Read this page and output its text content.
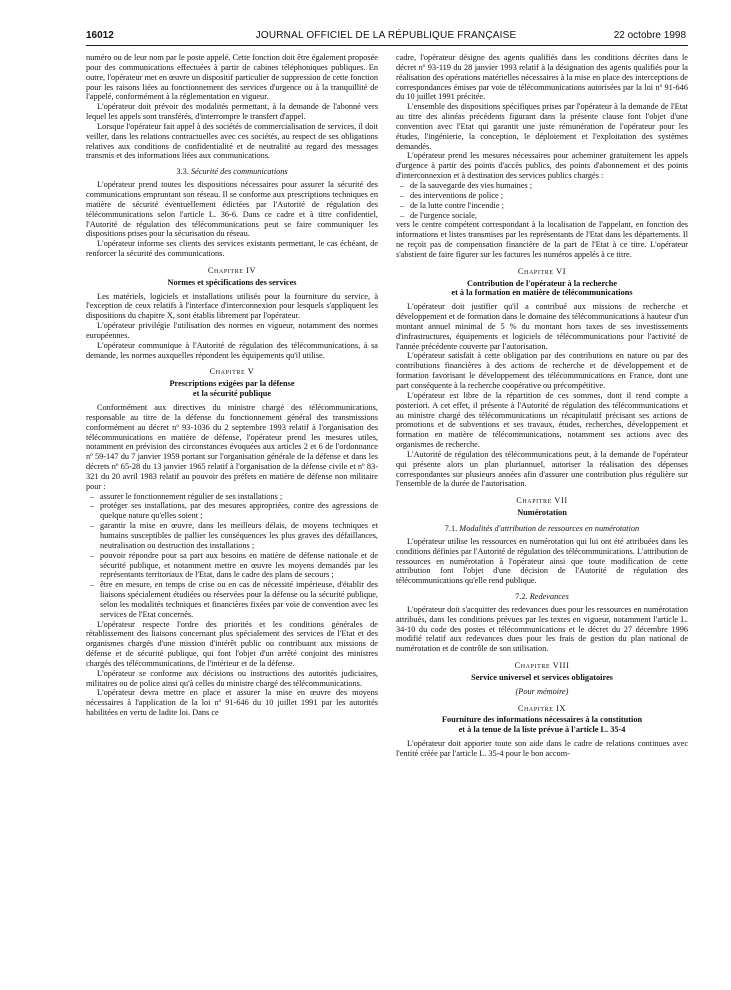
16012	JOURNAL OFFICIEL DE LA RÉPUBLIQUE FRANÇAISE	22 octobre 1998

numéro ou de leur nom par le poste appelé. Cette fonction doit être également proposée pour des communications effectuées à partir de cabines téléphoniques publiques. En outre, l'opérateur met en œuvre un dispositif particulier de suppression de cette fonction pour les raisons liées au fonctionnement des services d'urgence ou à la tranquillité de l'appelé, conformément à la réglementation en vigueur.

L'opérateur doit prévoir des modalités permettant, à la demande de l'abonné vers lequel les appels sont transférés, d'interrompre le transfert d'appel.

Lorsque l'opérateur fait appel à des sociétés de commercialisation de services, il doit veiller, dans les relations contractuelles avec ces sociétés, au respect de ses obligations relatives aux conditions de confidentialité et de neutralité au regard des messages transmis et des informations liées aux communications.

3.3. Sécurité des communications

L'opérateur prend toutes les dispositions nécessaires pour assurer la sécurité des communications empruntant son réseau. Il se conforme aux prescriptions techniques en matière de sécurité éventuellement édictées par l'Autorité de régulation des télécommunications selon l'article L. 36-6. Dans ce cadre et à titre confidentiel, l'Autorité de régulation des télécommunications peut se faire communiquer les dispositions prises pour la sécurisation du réseau.

L'opérateur informe ses clients des services existants permettant, le cas échéant, de renforcer la sécurité des communications.

Chapitre IV
Normes et spécifications des services

Les matériels, logiciels et installations utilisés pour la fourniture du service, à l'exception de ceux relatifs à l'interface d'interconnexion pour lesquels s'appliquent les dispositions du chapitre X, sont établis librement par l'opérateur.

L'opérateur privilégie l'utilisation des normes en vigueur, notamment des normes européennes.

L'opérateur communique à l'Autorité de régulation des télécommunications, à sa demande, les normes auxquelles répondent les équipements qu'il utilise.

Chapitre V
Prescriptions exigées par la défense
et la sécurité publique

Conformément aux directives du ministre chargé des télécommunications, responsable au titre de la défense du fonctionnement général des transmissions conformément au décret nº 93-1036 du 2 septembre 1993 relatif à l'organisation des télécommunications en matière de défense, l'opérateur prend les mesures utiles, notamment en prévision des circonstances évoquées aux articles 2 et 6 de l'ordonnance nº 59-147 du 7 janvier 1959 portant sur l'organisation générale de la défense et dans les décrets nº 65-28 du 13 janvier 1965 relatif à l'organisation de la défense civile et nº 83-321 du 20 avril 1983 relatif au pouvoir des préfets en matière de défense non militaire pour :

– assurer le fonctionnement régulier de ses installations ;
– protéger ses installations, par des mesures appropriées, contre des agressions de quelque nature qu'elles soient ;
– garantir la mise en œuvre, dans les meilleurs délais, de moyens techniques et humains susceptibles de pallier les conséquences les plus graves des défaillances, neutralisation ou destruction des installations ;
– pouvoir répondre pour sa part aux besoins en matière de défense nationale et de sécurité publique, et notamment mettre en œuvre les moyens demandés par les représentants territoriaux de l'Etat, dans le cadre des plans de secours ;
– être en mesure, en temps de crise ou en cas de nécessité impérieuse, d'établir des liaisons spécialement étudiées ou réservées pour la défense ou la sécurité publique, selon les modalités techniques et financières fixées par voie de convention avec les services de l'Etat concernés.

L'opérateur respecte l'ordre des priorités et les conditions générales de rétablissement des liaisons concernant plus spécialement des services de l'Etat et des organismes chargés d'une mission d'intérêt public ou contribuant aux missions de défense et de sécurité publique, qui font l'objet d'un arrêté conjoint des ministres chargés des télécommunications, de l'intérieur et de la défense.

L'opérateur se conforme aux décisions ou instructions des autorités judiciaires, militaires ou de police ainsi qu'à celles du ministre chargé des télécommunications.

L'opérateur devra mettre en place et assurer la mise en œuvre des moyens nécessaires à l'application de la loi nº 91-646 du 10 juillet 1991 par les autorités habilitées en vertu de ladite loi. Dans ce

cadre, l'opérateur désigne des agents qualifiés dans les conditions décrites dans le décret nº 93-119 du 28 janvier 1993 relatif à la désignation des agents qualifiés pour la réalisation des opérations matérielles nécessaires à la mise en place des interceptions de correspondances émises par voie de télécommunications autorisées par la loi nº 91-646 du 10 juillet 1991 précitée.

L'ensemble des dispositions spécifiques prises par l'opérateur à la demande de l'Etat au titre des alinéas précédents figurant dans la présente clause font l'objet d'une convention avec l'Etat qui garantit une juste rémunération de l'opérateur pour les études, l'ingénierie, la conception, le déploiement et l'exploitation des systèmes demandés.

L'opérateur prend les mesures nécessaires pour acheminer gratuitement les appels d'urgence à partir des points d'accès publics, des points d'abonnement et des points d'interconnexion et à destination des services publics chargés :

– de la sauvegarde des vies humaines ;
– des interventions de police ;
– de la lutte contre l'incendie ;
– de l'urgence sociale,

vers le centre compétent correspondant à la localisation de l'appelant, en fonction des informations et listes transmises par les représentants de l'Etat dans les départements. Il ne reçoit pas de compensation financière de la part de l'Etat à ce titre. L'opérateur s'abstient de faire figurer sur les factures les numéros appelés à ce titre.

Chapitre VI
Contribution de l'opérateur à la recherche
et à la formation en matière de télécommunications

L'opérateur doit justifier qu'il a contribué aux missions de recherche et développement et de formation dans le domaine des télécommunications à hauteur d'un montant annuel minimal de 5 % du montant hors taxes de ses investissements d'infrastructures, équipements et logiciels de télécommunications pour l'activité de l'année précédente couverte par l'autorisation.

L'opérateur satisfait à cette obligation par des contributions en nature ou par des contributions financières à des actions de recherche et de développement et de formation favorisant le développement des télécommunications en France, dont une part conséquente à la recherche coopérative ou précompétitive.

L'opérateur est libre de la répartition de ces sommes, dont il rend compte a posteriori. A cet effet, il présente à l'Autorité de régulation des télécommunications et au ministre chargé des télécommunications un récapitulatif précisant ses actions de promotions et de subventions et ses travaux, études, recherches, développement et formation en matière de télécommunications, notamment ses actions avec des organismes de recherche.

L'Autorité de régulation des télécommunications peut, à la demande de l'opérateur qui présente alors un plan pluriannuel, autoriser la réalisation des dépenses correspondantes sur plusieurs années afin d'assurer une contribution plus régulière sur l'ensemble de la durée de l'autorisation.

Chapitre VII
Numérotation
7.1. Modalités d'attribution de ressources en numérotation

L'opérateur utilise les ressources en numérotation qui lui ont été attribuées dans les conditions définies par l'Autorité de régulation des télécommunications. L'attribution de ressources en numérotation à l'opérateur ainsi que toute modification de cette attribution font l'objet d'une décision de l'Autorité de régulation des télécommunications qu'elle rend publique.

7.2. Redevances

L'opérateur doit s'acquitter des redevances dues pour les ressources en numérotation attribués, dans les conditions prévues par les textes en vigueur, notamment l'article L. 34-10 du code des postes et télécommunications et le décret du 27 décembre 1996 modifié relatif aux redevances dues pour les frais de gestion du plan national de numérotation et de contrôle de son utilisation.

Chapitre VIII
Service universel et services obligatoires
(Pour mémoire)
Chapitre IX
Fourniture des informations nécessaires à la constitution
et à la tenue de la liste prévue à l'article L. 35-4

L'opérateur doit apporter toute son aide dans le cadre de relations continues avec l'entité créée par l'article L. 35-4 pour le bon accom-
